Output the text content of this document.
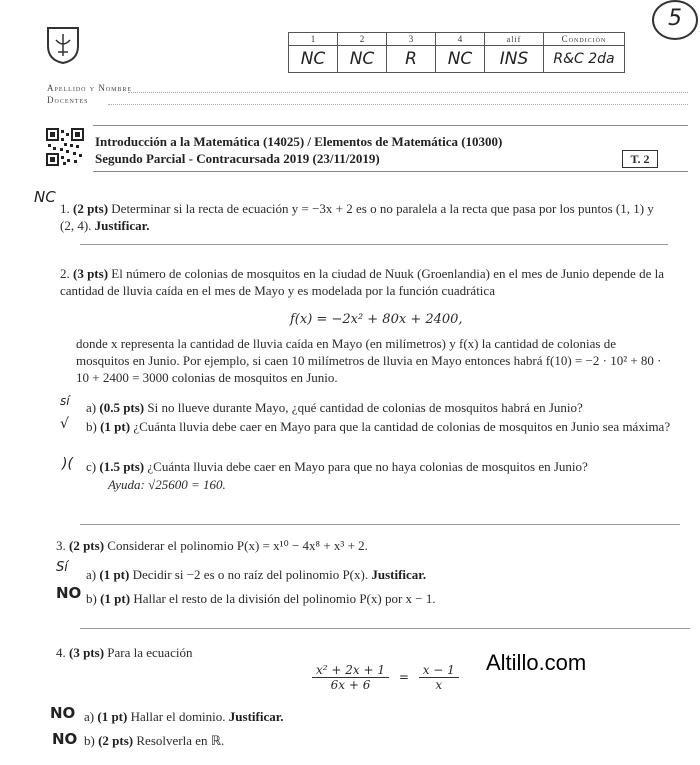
Apellido y Nombre
Docentes
1	2	3	4	alif	Condición
NC	NC	R	NC	INS	R&C 2da
5
Introducción a la Matemática (14025) / Elementos de Matemática (10300)
Segundo Parcial - Contracursada 2019 (23/11/2019)	T. 2
NC
1. (2 pts) Determinar si la recta de ecuación y = −3x + 2 es o no paralela a la recta que pasa por los puntos (1, 1) y (2, 4). Justificar.
2. (3 pts) El número de colonias de mosquitos en la ciudad de Nuuk (Groenlandia) en el mes de Junio depende de la cantidad de lluvia caída en el mes de Mayo y es modelada por la función cuadrática
f(x) = −2x² + 80x + 2400,
donde x representa la cantidad de lluvia caída en Mayo (en milímetros) y f(x) la cantidad de colonias de mosquitos en Junio. Por ejemplo, si caen 10 milímetros de lluvia en Mayo entonces habrá f(10) = −2 · 10² + 80 · 10 + 2400 = 3000 colonias de mosquitos en Junio.
sí a) (0.5 pts) Si no llueve durante Mayo, ¿qué cantidad de colonias de mosquitos habrá en Junio?
√ b) (1 pt) ¿Cuánta lluvia debe caer en Mayo para que la cantidad de colonias de mosquitos en Junio sea máxima?
)( c) (1.5 pts) ¿Cuánta lluvia debe caer en Mayo para que no haya colonias de mosquitos en Junio?
Ayuda: √25600 = 160.
3. (2 pts) Considerar el polinomio P(x) = x¹⁰ − 4x⁸ + x³ + 2.
Sí a) (1 pt) Decidir si −2 es o no raíz del polinomio P(x). Justificar.
NO b) (1 pt) Hallar el resto de la división del polinomio P(x) por x − 1.
4. (3 pts) Para la ecuación
$\frac{\text{x² + 2x + 1}}{6x + 6} = \frac{x - 1}{x}$
Altillo.com
NO a) (1 pt) Hallar el dominio. Justificar.
NO b) (2 pts) Resolverla en ℝ.
